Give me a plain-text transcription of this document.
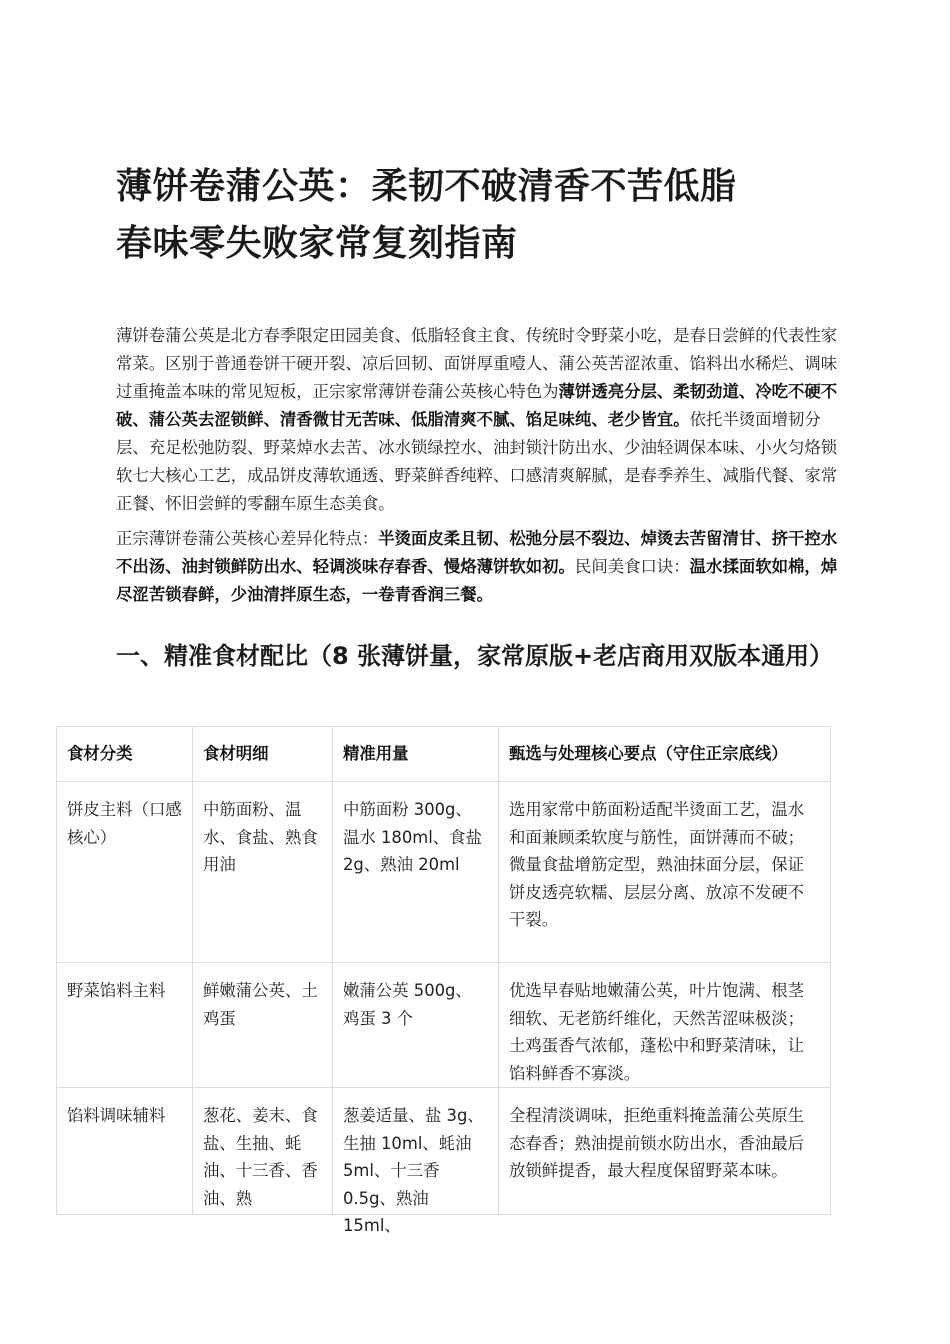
薄饼卷蒲公英：柔韧不破清香不苦低脂
春味零失败家常复刻指南

薄饼卷蒲公英是北方春季限定田园美食、低脂轻食主食、传统时令野菜小吃，是春日尝鲜的代表性家常菜。区别于普通卷饼干硬开裂、凉后回韧、面饼厚重噎人、蒲公英苦涩浓重、馅料出水稀烂、调味过重掩盖本味的常见短板，正宗家常薄饼卷蒲公英核心特色为薄饼透亮分层、柔韧劲道、冷吃不硬不破、蒲公英去涩锁鲜、清香微甘无苦味、低脂清爽不腻、馅足味纯、老少皆宜。依托半烫面增韧分层、充足松弛防裂、野菜焯水去苦、冰水锁绿控水、油封锁汁防出水、少油轻调保本味、小火匀烙锁软七大核心工艺，成品饼皮薄软通透、野菜鲜香纯粹、口感清爽解腻，是春季养生、减脂代餐、家常正餐、怀旧尝鲜的零翻车原生态美食。

正宗薄饼卷蒲公英核心差异化特点：半烫面皮柔且韧、松弛分层不裂边、焯烫去苦留清甘、挤干控水不出汤、油封锁鲜防出水、轻调淡味存春香、慢烙薄饼软如初。民间美食口诀：温水揉面软如棉，焯尽涩苦锁春鲜，少油清拌原生态，一卷青香润三餐。

一、精准食材配比（8 张薄饼量，家常原版+老店商用双版本通用）
食材分类	食材明细	精准用量	甄选与处理核心要点（守住正宗底线）
饼皮主料（口感核心）	中筋面粉、温水、食盐、熟食用油	中筋面粉 300g、温水 180ml、食盐 2g、熟油 20ml	选用家常中筋面粉适配半烫面工艺，温水和面兼顾柔软度与筋性，面饼薄而不破；微量食盐增筋定型，熟油抹面分层，保证饼皮透亮软糯、层层分离、放凉不发硬不干裂。
野菜馅料主料	鲜嫩蒲公英、土鸡蛋	嫩蒲公英 500g、鸡蛋 3 个	优选早春贴地嫩蒲公英，叶片饱满、根茎细软、无老筋纤维化，天然苦涩味极淡；土鸡蛋香气浓郁，蓬松中和野菜清味，让馅料鲜香不寡淡。

馅料调味辅料	葱花、姜末、食盐、生抽、蚝油、十三香、香油、熟	葱姜适量、盐 3g、生抽 10ml、蚝油 5ml、十三香 0.5g、熟油 15ml、	全程清淡调味，拒绝重料掩盖蒲公英原生态春香；熟油提前锁水防出水，香油最后放锁鲜提香，最大程度保留野菜本味。
